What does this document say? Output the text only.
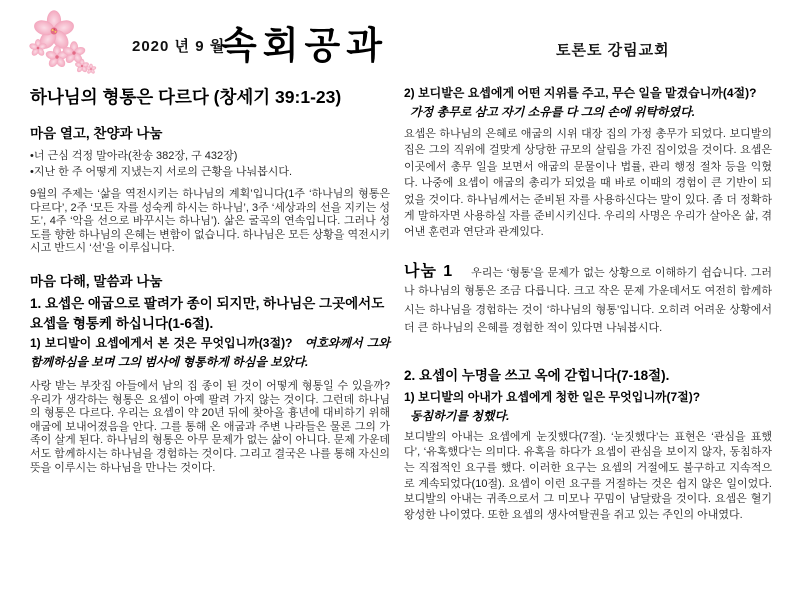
2020 년 9 월
속회공과	토론토 강림교회
하나님의 형통은 다르다 (창세기 39:1-23)
마음 열고, 찬양과 나눔

•너 근심 걱정 말아라(찬송 382장, 구 432장)

•지난 한 주 어떻게 지냈는지 서로의 근황을 나눠봅시다.

9월의 주제는 ‘삶을 역전시키는 하나님의 계획’입니다(1주 ‘하나님의 형통은 다르다’, 2주 ‘모든 자를 성숙케 하시는 하나님’, 3주 ‘세상과의 선을 지키는 성도’, 4주 ‘악을 선으로 바꾸시는 하나님’). 삶은 굴곡의 연속입니다. 그러나 성도를 향한 하나님의 은혜는 변함이 없습니다. 하나님은 모든 상황을 역전시키시고 반드시 ‘선’을 이루십니다.

마음 다해, 말씀과 나눔
1. 요셉은 애굽으로 팔려가 종이 되지만, 하나님은 그곳에서도 요셉을 형통케 하십니다(1-6절).

1) 보디발이 요셉에게서 본 것은 무엇입니까(3절)? 여호와께서 그와 함께하심을 보며 그의 범사에 형통하게 하심을 보았다.

사랑 받는 부잣집 아들에서 남의 집 종이 된 것이 어떻게 형통일 수 있을까? 우리가 생각하는 형통은 요셉이 아예 팔려 가지 않는 것이다. 그런데 하나님의 형통은 다르다. 우리는 요셉이 약 20년 뒤에 찾아올 흉년에 대비하기 위해 애굽에 보내어졌음을 안다. 그를 통해 온 애굽과 주변 나라들은 물론 그의 가족이 살게 된다. 하나님의 형통은 아무 문제가 없는 삶이 아니다. 문제 가운데서도 함께하시는 하나님을 경험하는 것이다. 그리고 결국은 나를 통해 자신의 뜻을 이루시는 하나님을 만나는 것이다.

2) 보디발은 요셉에게 어떤 지위를 주고, 무슨 일을 맡겼습니까(4절)?

가정 총무로 삼고 자기 소유를 다 그의 손에 위탁하였다.

요셉은 하나님의 은혜로 애굽의 시위 대장 집의 가정 총무가 되었다. 보디발의 집은 그의 직위에 걸맞게 상당한 규모의 살림을 가진 집이었을 것이다. 요셉은 이곳에서 총무 일을 보면서 애굽의 문물이나 법률, 관리 행정 절차 등을 익혔다. 나중에 요셉이 애굽의 총리가 되었을 때 바로 이때의 경험이 큰 기반이 되었을 것이다. 하나님께서는 준비된 자를 사용하신다는 말이 있다. 좀 더 정확하게 말하자면 사용하실 자를 준비시키신다. 우리의 사명은 우리가 살아온 삶, 겪어낸 훈련과 연단과 관계있다.

나눔 1 우리는 ‘형통’을 문제가 없는 상황으로 이해하기 쉽습니다. 그러나 하나님의 형통은 조금 다릅니다. 크고 작은 문제 가운데서도 여전히 함께하시는 하나님을 경험하는 것이 ‘하나님의 형통’입니다. 오히려 어려운 상황에서 더 큰 하나님의 은혜를 경험한 적이 있다면 나눠봅시다.

2. 요셉이 누명을 쓰고 옥에 갇힙니다(7-18절).

1) 보디발의 아내가 요셉에게 청한 일은 무엇입니까(7절)?

동침하기를 청했다.

보디발의 아내는 요셉에게 눈짓했다(7절). ‘눈짓했다’는 표현은 ‘관심을 표했다’, ‘유혹했다’는 의미다. 유혹을 하다가 요셉이 관심을 보이지 않자, 동침하자는 직접적인 요구를 했다. 이러한 요구는 요셉의 거절에도 불구하고 지속적으로 계속되었다(10절). 요셉이 이런 요구를 거절하는 것은 쉽지 않은 일이었다. 보디발의 아내는 귀족으로서 그 미모나 꾸밈이 남달랐을 것이다. 요셉은 혈기 왕성한 나이였다. 또한 요셉의 생사여탈권을 쥐고 있는 주인의 아내였다.
